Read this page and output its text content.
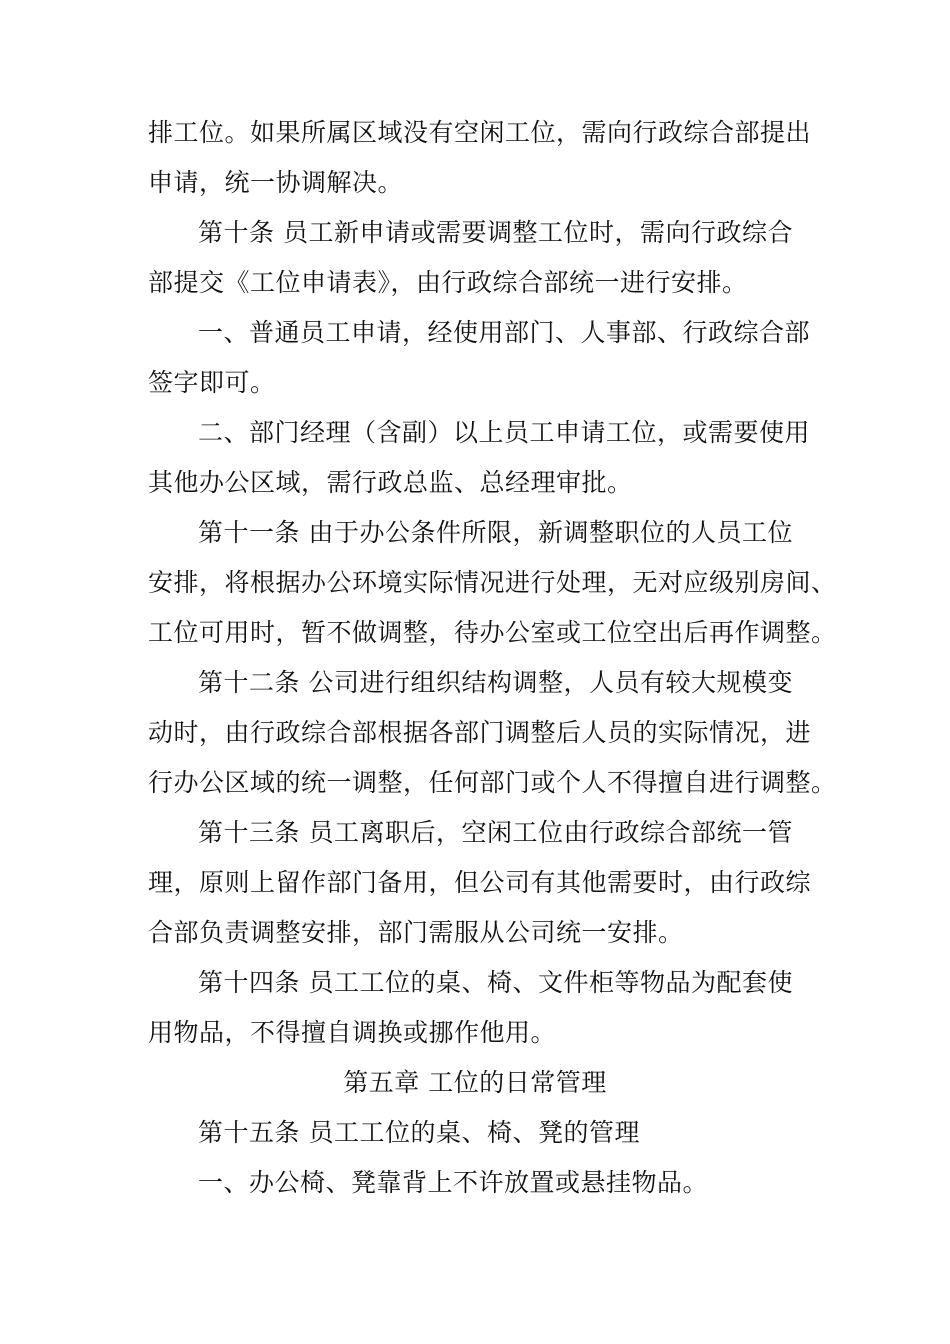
排工位。如果所属区域没有空闲工位，需向行政综合部提出
申请，统一协调解决。
第十条 员工新申请或需要调整工位时，需向行政综合
部提交《工位申请表》，由行政综合部统一进行安排。
一、普通员工申请，经使用部门、人事部、行政综合部
签字即可。
二、部门经理（含副）以上员工申请工位，或需要使用
其他办公区域，需行政总监、总经理审批。
第十一条 由于办公条件所限，新调整职位的人员工位
安排，将根据办公环境实际情况进行处理，无对应级别房间、
工位可用时，暂不做调整，待办公室或工位空出后再作调整。
第十二条 公司进行组织结构调整，人员有较大规模变
动时，由行政综合部根据各部门调整后人员的实际情况，进
行办公区域的统一调整，任何部门或个人不得擅自进行调整。
第十三条 员工离职后，空闲工位由行政综合部统一管
理，原则上留作部门备用，但公司有其他需要时，由行政综
合部负责调整安排，部门需服从公司统一安排。
第十四条 员工工位的桌、椅、文件柜等物品为配套使
用物品，不得擅自调换或挪作他用。
第五章 工位的日常管理
第十五条 员工工位的桌、椅、凳的管理
一、办公椅、凳靠背上不许放置或悬挂物品。
